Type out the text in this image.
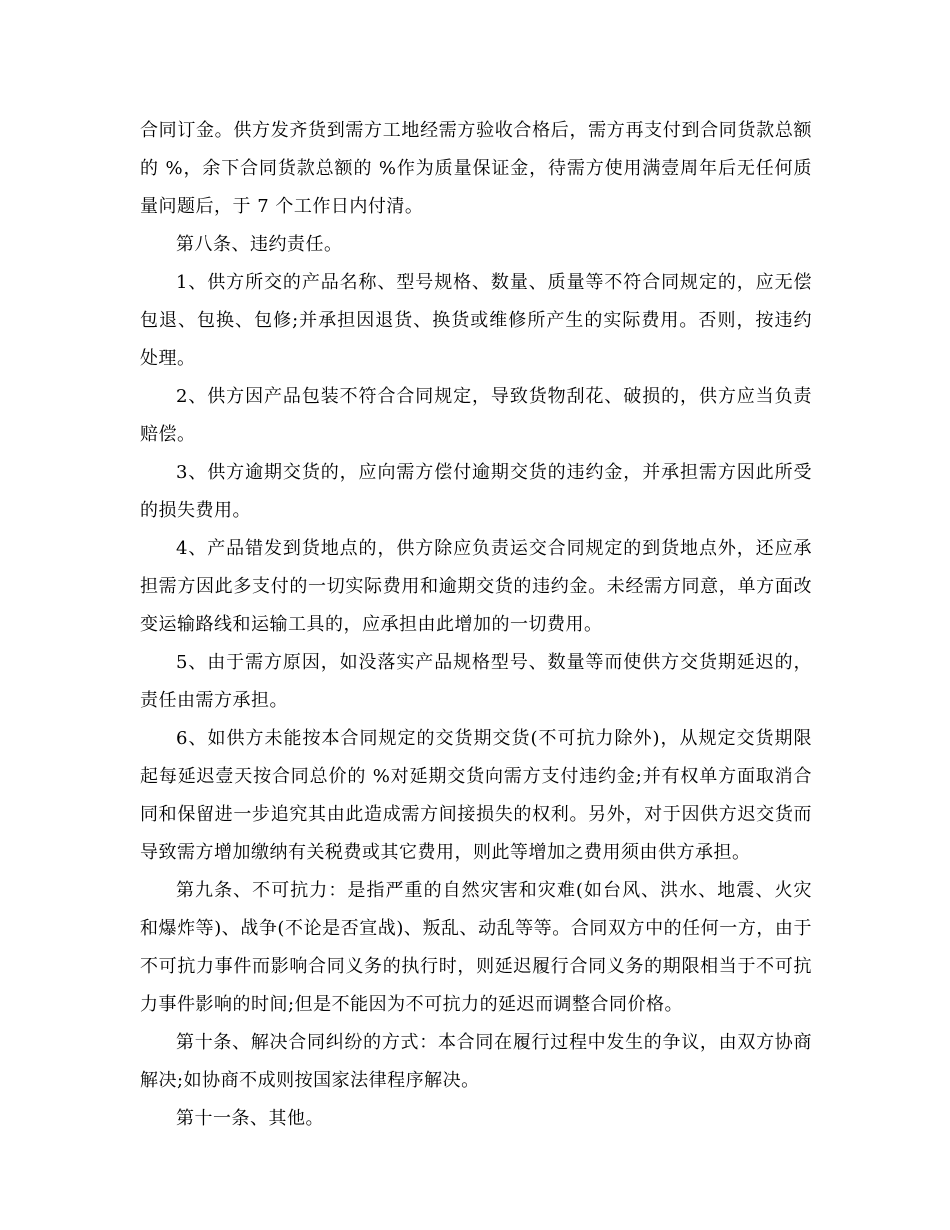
合同订金。供方发齐货到需方工地经需方验收合格后，需方再支付到合同货款总额的 %，余下合同货款总额的 %作为质量保证金，待需方使用满壹周年后无任何质量问题后，于 7 个工作日内付清。

第八条、违约责任。

1、供方所交的产品名称、型号规格、数量、质量等不符合同规定的，应无偿包退、包换、包修;并承担因退货、换货或维修所产生的实际费用。否则，按违约处理。

2、供方因产品包装不符合合同规定，导致货物刮花、破损的，供方应当负责赔偿。

3、供方逾期交货的，应向需方偿付逾期交货的违约金，并承担需方因此所受的损失费用。

4、产品错发到货地点的，供方除应负责运交合同规定的到货地点外，还应承担需方因此多支付的一切实际费用和逾期交货的违约金。未经需方同意，单方面改变运输路线和运输工具的，应承担由此增加的一切费用。

5、由于需方原因，如没落实产品规格型号、数量等而使供方交货期延迟的，责任由需方承担。

6、如供方未能按本合同规定的交货期交货(不可抗力除外)，从规定交货期限起每延迟壹天按合同总价的 %对延期交货向需方支付违约金;并有权单方面取消合同和保留进一步追究其由此造成需方间接损失的权利。另外，对于因供方迟交货而导致需方增加缴纳有关税费或其它费用，则此等增加之费用须由供方承担。

第九条、不可抗力：是指严重的自然灾害和灾难(如台风、洪水、地震、火灾和爆炸等)、战争(不论是否宣战)、叛乱、动乱等等。合同双方中的任何一方，由于不可抗力事件而影响合同义务的执行时，则延迟履行合同义务的期限相当于不可抗力事件影响的时间;但是不能因为不可抗力的延迟而调整合同价格。

第十条、解决合同纠纷的方式：本合同在履行过程中发生的争议，由双方协商解决;如协商不成则按国家法律程序解决。

第十一条、其他。
